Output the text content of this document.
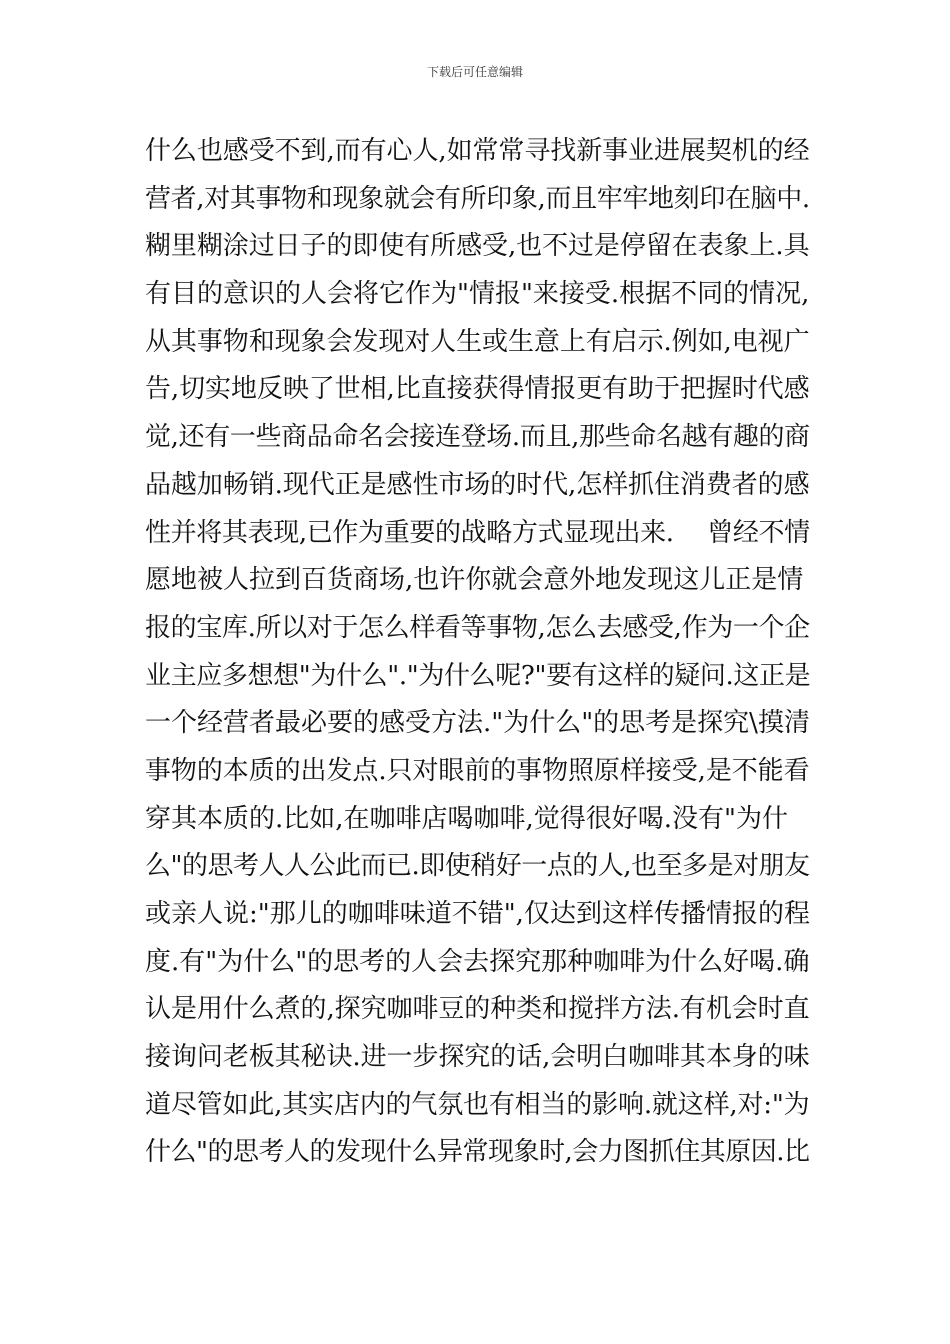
下载后可任意编辑
什么也感受不到,而有心人,如常常寻找新事业进展契机的经
营者,对其事物和现象就会有所印象,而且牢牢地刻印在脑中.
糊里糊涂过日子的即使有所感受,也不过是停留在表象上.具
有目的意识的人会将它作为"情报"来接受.根据不同的情况,
从其事物和现象会发现对人生或生意上有启示.例如,电视广
告,切实地反映了世相,比直接获得情报更有助于把握时代感
觉,还有一些商品命名会接连登场.而且,那些命名越有趣的商
品越加畅销.现代正是感性市场的时代,怎样抓住消费者的感
性并将其表现,已作为重要的战略方式显现出来.　 曾经不情
愿地被人拉到百货商场,也许你就会意外地发现这儿正是情
报的宝库.所以对于怎么样看等事物,怎么去感受,作为一个企
业主应多想想"为什么"."为什么呢?"要有这样的疑问.这正是
一个经营者最必要的感受方法."为什么"的思考是探究\摸清
事物的本质的出发点.只对眼前的事物照原样接受,是不能看
穿其本质的.比如,在咖啡店喝咖啡,觉得很好喝.没有"为什
么"的思考人人公此而已.即使稍好一点的人,也至多是对朋友
或亲人说:"那儿的咖啡味道不错",仅达到这样传播情报的程
度.有"为什么"的思考的人会去探究那种咖啡为什么好喝.确
认是用什么煮的,探究咖啡豆的种类和搅拌方法.有机会时直
接询问老板其秘诀.进一步探究的话,会明白咖啡其本身的味
道尽管如此,其实店内的气氛也有相当的影响.就这样,对:"为
什么"的思考人的发现什么异常现象时,会力图抓住其原因.比
